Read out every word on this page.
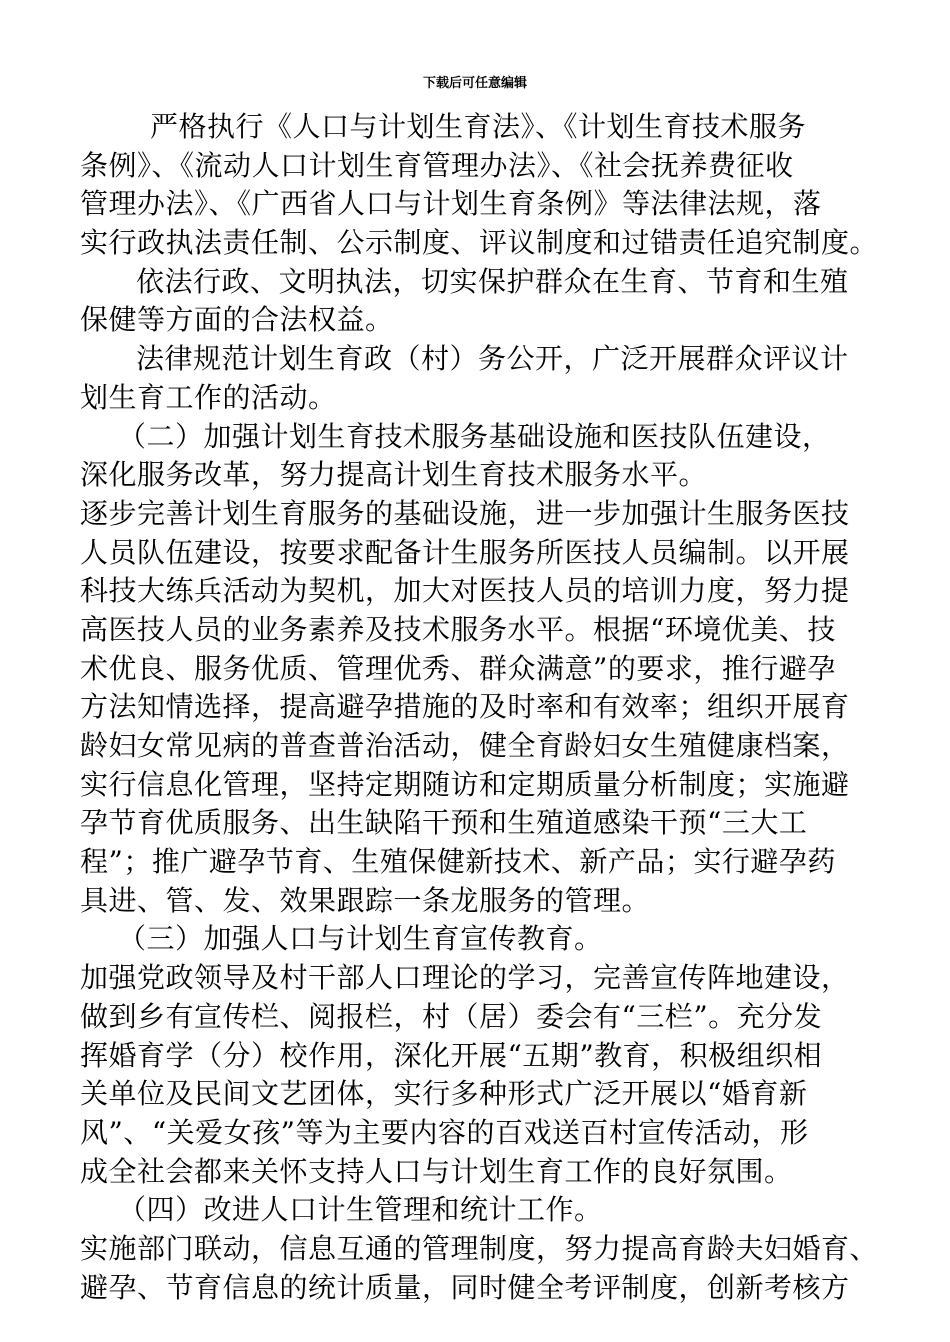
下载后可任意编辑
严格执行《人口与计划生育法》、《计划生育技术服务
条例》、《流动人口计划生育管理办法》、《社会抚养费征收
管理办法》、《广西省人口与计划生育条例》等法律法规，落
实行政执法责任制、公示制度、评议制度和过错责任追究制度。
依法行政、文明执法，切实保护群众在生育、节育和生殖
保健等方面的合法权益。
法律规范计划生育政（村）务公开，广泛开展群众评议计
划生育工作的活动。
（二）加强计划生育技术服务基础设施和医技队伍建设，
深化服务改革，努力提高计划生育技术服务水平。
逐步完善计划生育服务的基础设施，进一步加强计生服务医技
人员队伍建设，按要求配备计生服务所医技人员编制。以开展
科技大练兵活动为契机，加大对医技人员的培训力度，努力提
高医技人员的业务素养及技术服务水平。根据“环境优美、技
术优良、服务优质、管理优秀、群众满意”的要求，推行避孕
方法知情选择，提高避孕措施的及时率和有效率；组织开展育
龄妇女常见病的普查普治活动，健全育龄妇女生殖健康档案，
实行信息化管理，坚持定期随访和定期质量分析制度；实施避
孕节育优质服务、出生缺陷干预和生殖道感染干预“三大工
程”；推广避孕节育、生殖保健新技术、新产品；实行避孕药
具进、管、发、效果跟踪一条龙服务的管理。
（三）加强人口与计划生育宣传教育。
加强党政领导及村干部人口理论的学习，完善宣传阵地建设，
做到乡有宣传栏、阅报栏，村（居）委会有“三栏”。充分发
挥婚育学（分）校作用，深化开展“五期”教育，积极组织相
关单位及民间文艺团体，实行多种形式广泛开展以“婚育新
风”、“关爱女孩”等为主要内容的百戏送百村宣传活动，形
成全社会都来关怀支持人口与计划生育工作的良好氛围。
（四）改进人口计生管理和统计工作。
实施部门联动，信息互通的管理制度，努力提高育龄夫妇婚育、
避孕、节育信息的统计质量，同时健全考评制度，创新考核方
